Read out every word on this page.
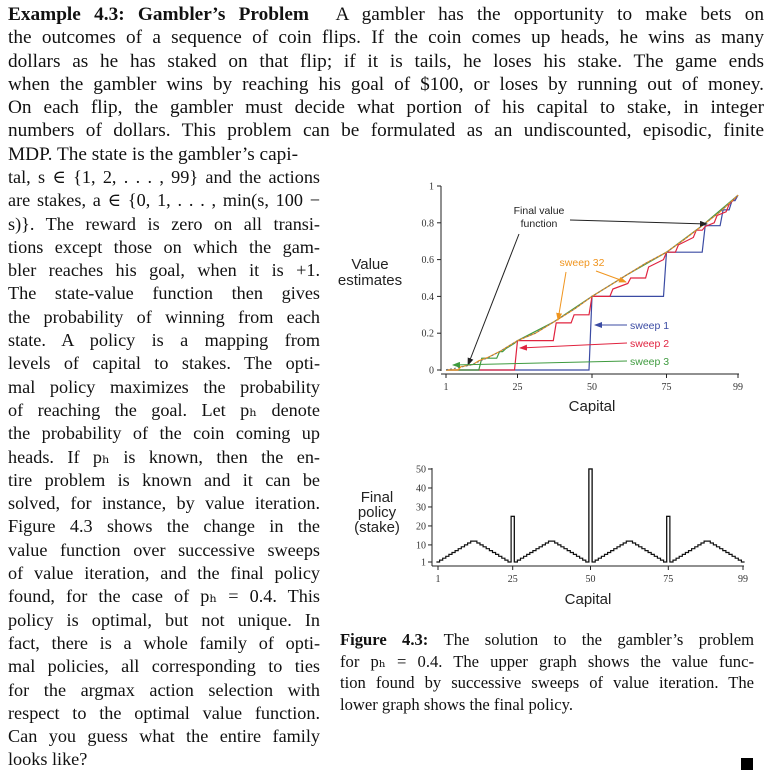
Example 4.3: Gambler’s Problem A gambler has the opportunity to make bets on
the outcomes of a sequence of coin flips. If the coin comes up heads, he wins as many
dollars as he has staked on that flip; if it is tails, he loses his stake. The game ends
when the gambler wins by reaching his goal of $100, or loses by running out of money.
On each flip, the gambler must decide what portion of his capital to stake, in integer
numbers of dollars. This problem can be formulated as an undiscounted, episodic, finite
MDP. The state is the gambler’s capi-
tal, s ∈ {1, 2, . . . , 99} and the actions
are stakes, a ∈ {0, 1, . . . , min(s, 100 −
s)}. The reward is zero on all transi-
tions except those on which the gam-
bler reaches his goal, when it is +1.
The state-value function then gives
the probability of winning from each
state. A policy is a mapping from
levels of capital to stakes. The opti-
mal policy maximizes the probability
of reaching the goal. Let pₕ denote
the probability of the coin coming up
heads. If pₕ is known, then the en-
tire problem is known and it can be
solved, for instance, by value iteration.
Figure 4.3 shows the change in the
value function over successive sweeps
of value iteration, and the final policy
found, for the case of pₕ = 0.4. This
policy is optimal, but not unique. In
fact, there is a whole family of opti-
mal policies, all corresponding to ties
for the argmax action selection with
respect to the optimal value function.
Can you guess what the entire family
looks like?
0
0.2
0.4
0.6
0.8
1
1	25	50	75	99
Capital
Value estimates
Final value function
sweep 32
sweep 1
sweep 2
sweep 3
1
10
20
30
40
50
1	25	50	75	99
Capital
Final policy (stake)
Figure 4.3: The solution to the gambler’s problem
for pₕ = 0.4. The upper graph shows the value func-
tion found by successive sweeps of value iteration. The
lower graph shows the final policy.
